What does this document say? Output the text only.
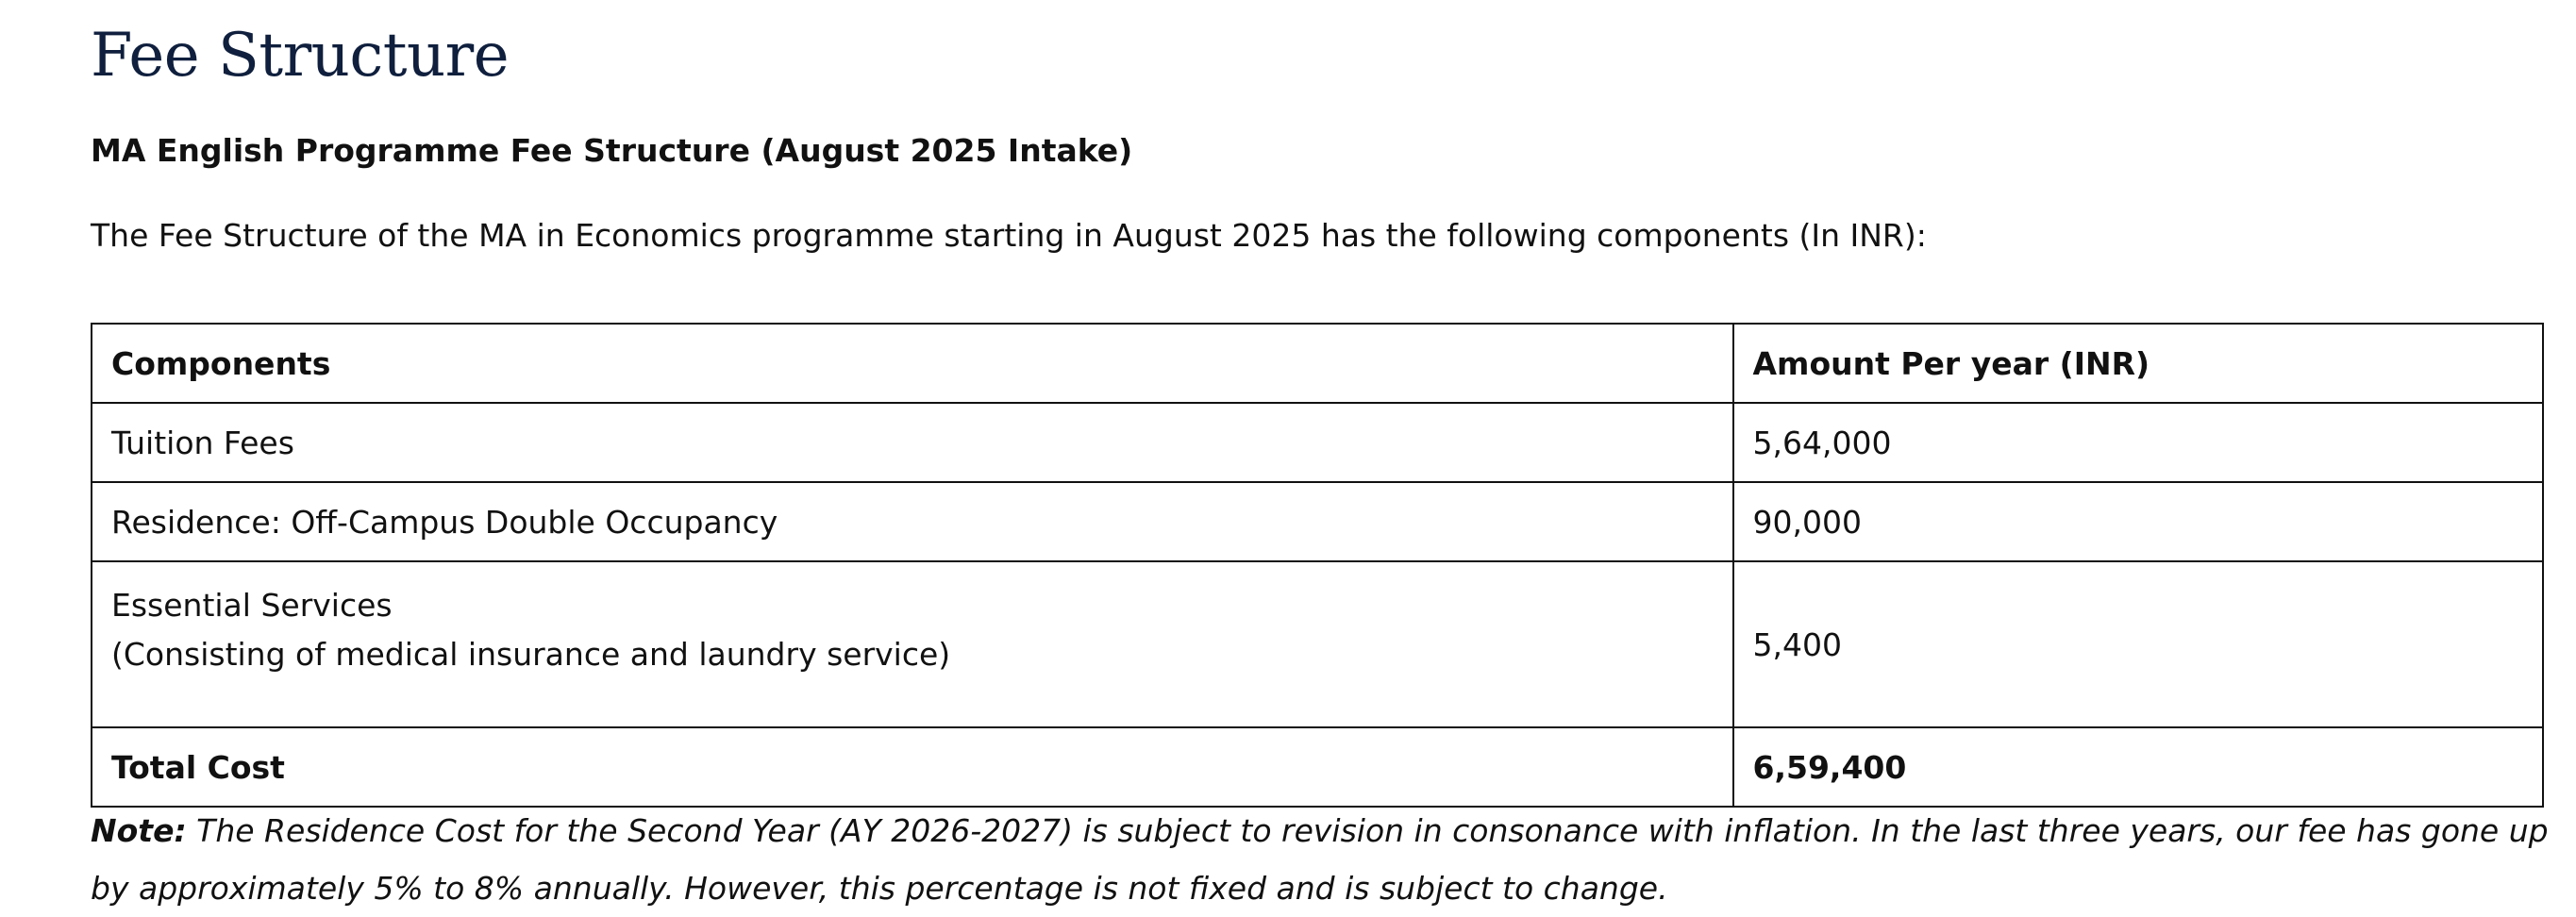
Fee Structure
MA English Programme Fee Structure (August 2025 Intake)
The Fee Structure of the MA in Economics programme starting in August 2025 has the following components (In INR):
Components	Amount Per year (INR)
Tuition Fees	5,64,000
Residence: Off-Campus Double Occupancy	90,000

Essential Services
(Consisting of medical insurance and laundry service)	5,400
Total Cost	6,59,400
Note: The Residence Cost for the Second Year (AY 2026-2027) is subject to revision in consonance with inflation. In the last three years, our fee has gone up by approximately 5% to 8% annually. However, this percentage is not fixed and is subject to change.
